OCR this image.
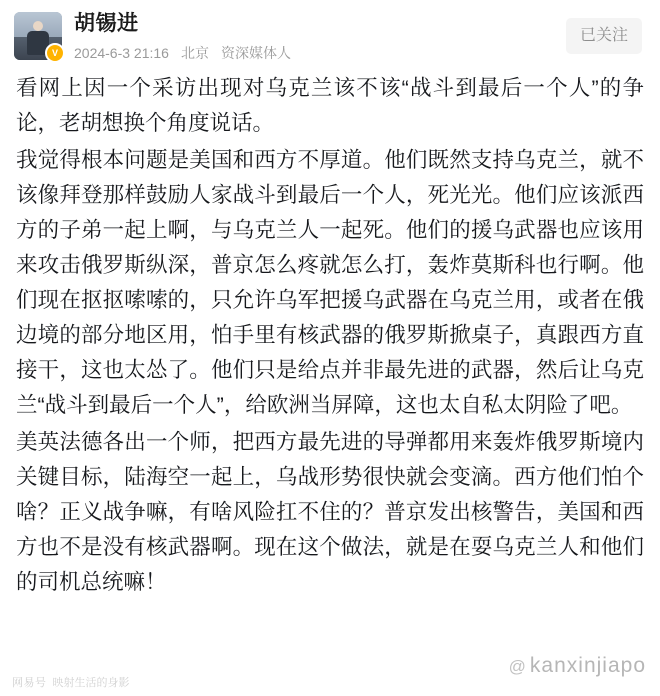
V
胡锡进
2024-6-3 21:16 北京 资深媒体人
已关注

看网上因一个采访出现对乌克兰该不该“战斗到最后一个人”的争论，老胡想换个角度说话。

我觉得根本问题是美国和西方不厚道。他们既然支持乌克兰，就不该像拜登那样鼓励人家战斗到最后一个人，死光光。他们应该派西方的子弟一起上啊，与乌克兰人一起死。他们的援乌武器也应该用来攻击俄罗斯纵深，普京怎么疼就怎么打，轰炸莫斯科也行啊。他们现在抠抠嗦嗦的，只允许乌军把援乌武器在乌克兰用，或者在俄边境的部分地区用，怕手里有核武器的俄罗斯掀桌子，真跟西方直接干，这也太怂了。他们只是给点并非最先进的武器，然后让乌克兰“战斗到最后一个人”，给欧洲当屏障，这也太自私太阴险了吧。

美英法德各出一个师，把西方最先进的导弹都用来轰炸俄罗斯境内关键目标，陆海空一起上，乌战形势很快就会变滴。西方他们怕个啥？正义战争嘛，有啥风险扛不住的？普京发出核警告，美国和西方也不是没有核武器啊。现在这个做法，就是在耍乌克兰人和他们的司机总统嘛！

@ kanxinjiapo
网易号 映射生活的身影
